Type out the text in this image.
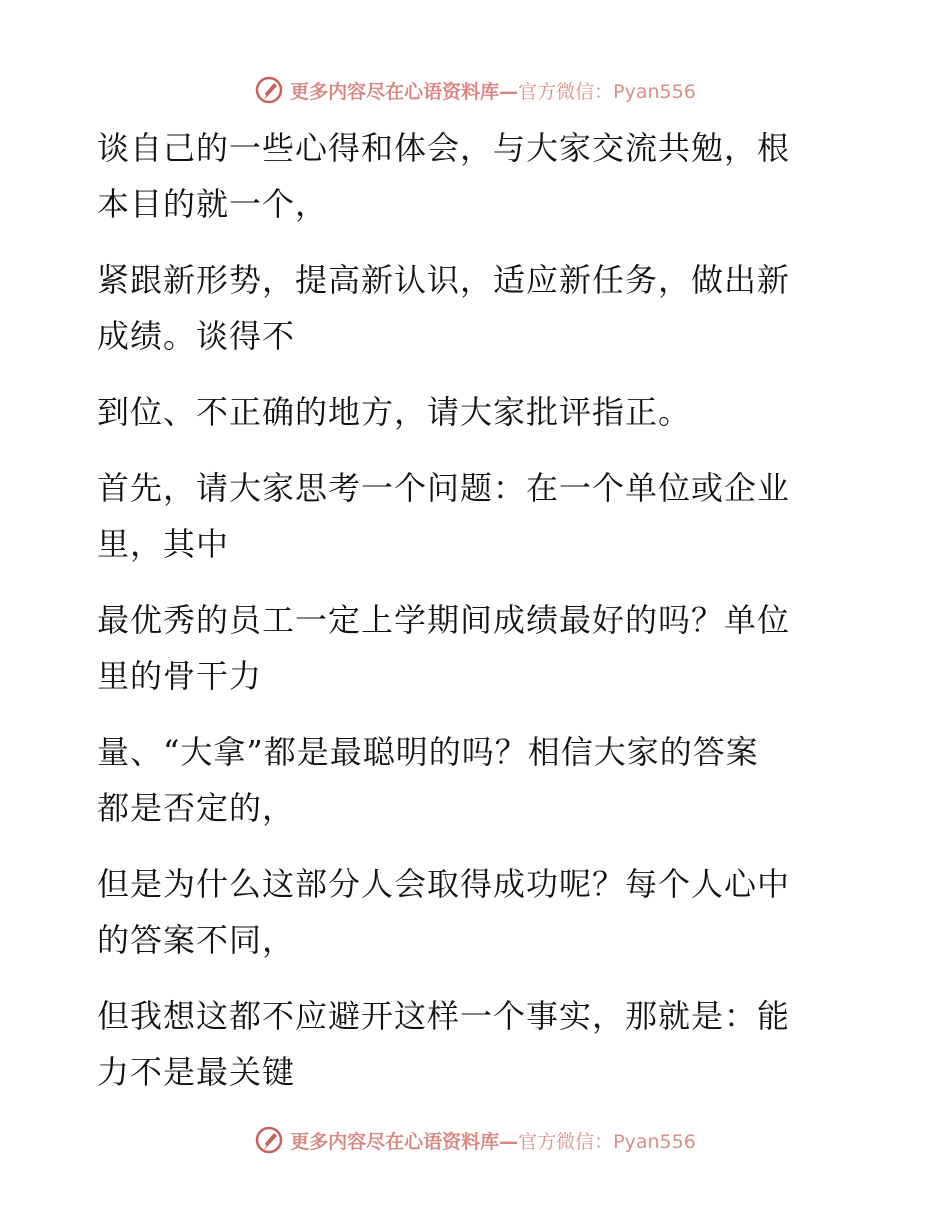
更多内容尽在心语资料库—官方微信：Pyan556
谈自己的一些心得和体会，与大家交流共勉，根
本目的就一个，
紧跟新形势，提高新认识，适应新任务，做出新
成绩。谈得不
到位、不正确的地方，请大家批评指正。
首先，请大家思考一个问题：在一个单位或企业
里，其中
最优秀的员工一定上学期间成绩最好的吗？单位
里的骨干力
量、“大拿”都是最聪明的吗？相信大家的答案
都是否定的，
但是为什么这部分人会取得成功呢？每个人心中
的答案不同，
但我想这都不应避开这样一个事实，那就是：能
力不是最关键
更多内容尽在心语资料库—官方微信：Pyan556
